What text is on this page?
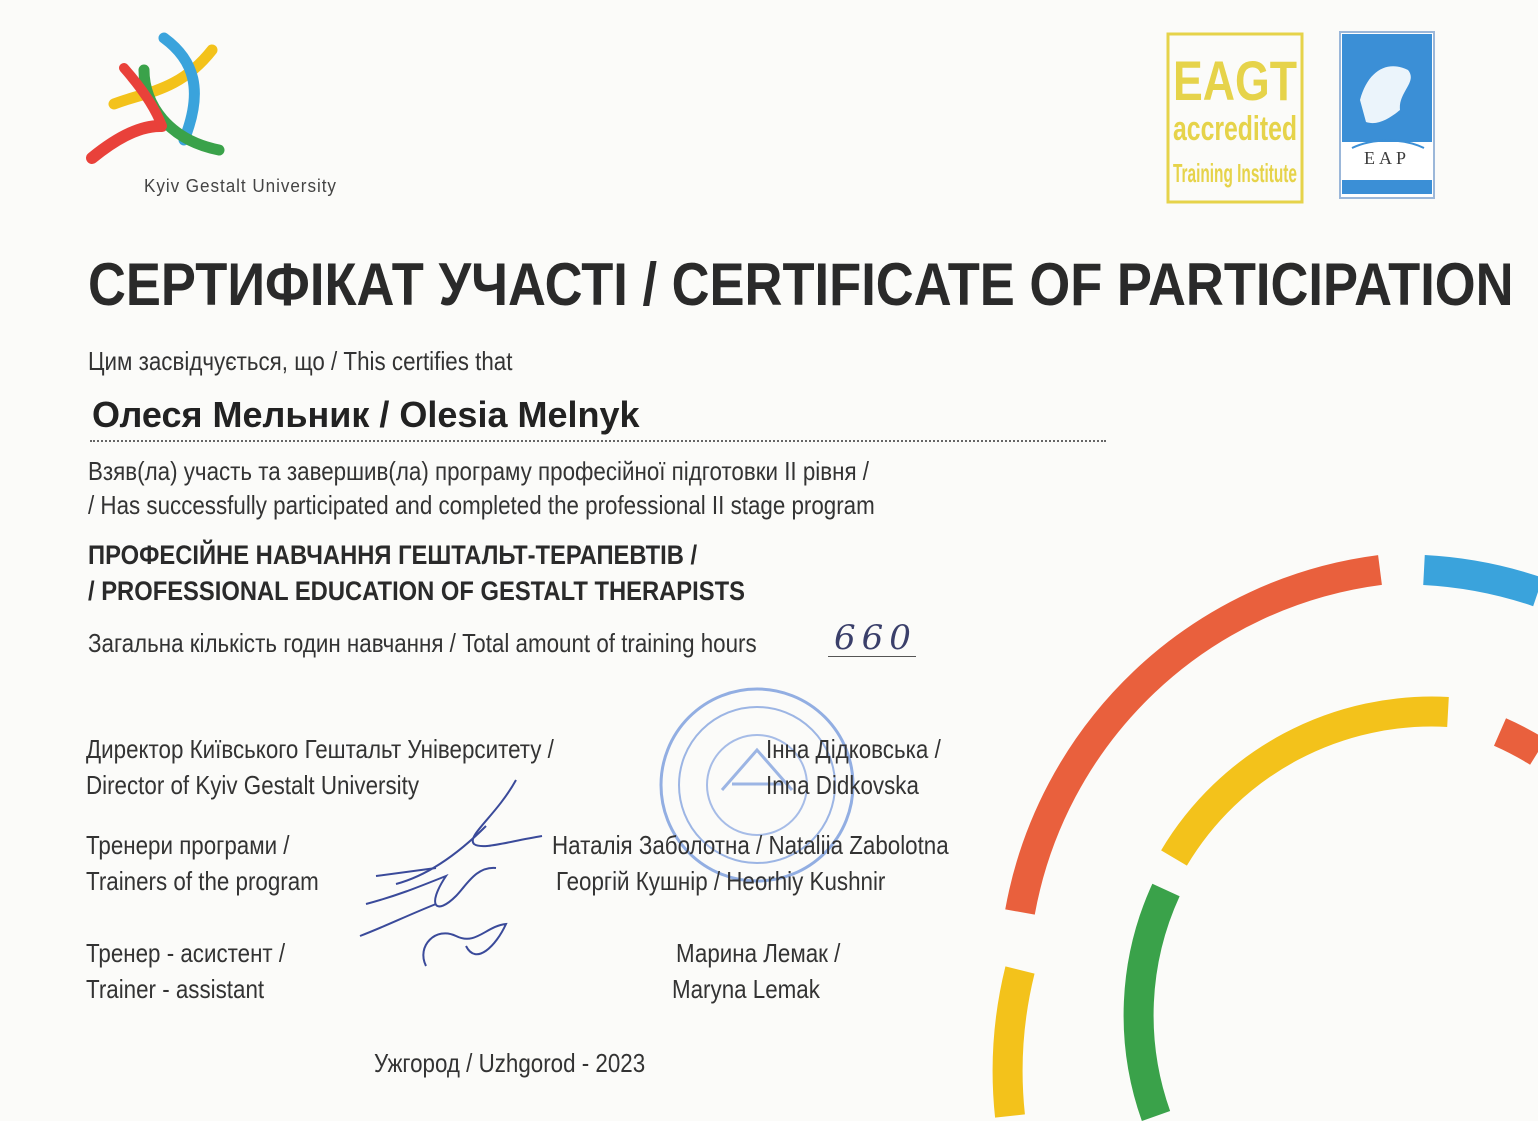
Kyiv Gestalt University
EAGT
accredited
Training Institute	EAP
СЕРТИФІКАТ УЧАСТІ / CERTIFICATE OF PARTICIPATION
Цим засвідчується, що / This certifies that
Олеся Мельник / Olesia Melnyk
Взяв(ла) участь та завершив(ла) програму професійної підготовки ІІ рівня /
/ Has successfully participated and completed the professional II stage program
ПРОФЕСІЙНЕ НАВЧАННЯ ГЕШТАЛЬТ-ТЕРАПЕВТІВ /
/ PROFESSIONAL EDUCATION OF GESTALT THERAPISTS
Загальна кількість годин навчання / Total amount of training hours 660
Директор Київського Гештальт Університету /
Director of Kyiv Gestalt University
Інна Дідковська /
Inna Didkovska
Тренери програми /
Trainers of the program
Наталія Заболотна / Nataliia Zabolotna
Георгій Кушнір / Heorhiy Kushnir
Тренер - асистент /
Trainer - assistant
Марина Лемак /
Maryna Lemak
Ужгород / Uzhgorod - 2023
